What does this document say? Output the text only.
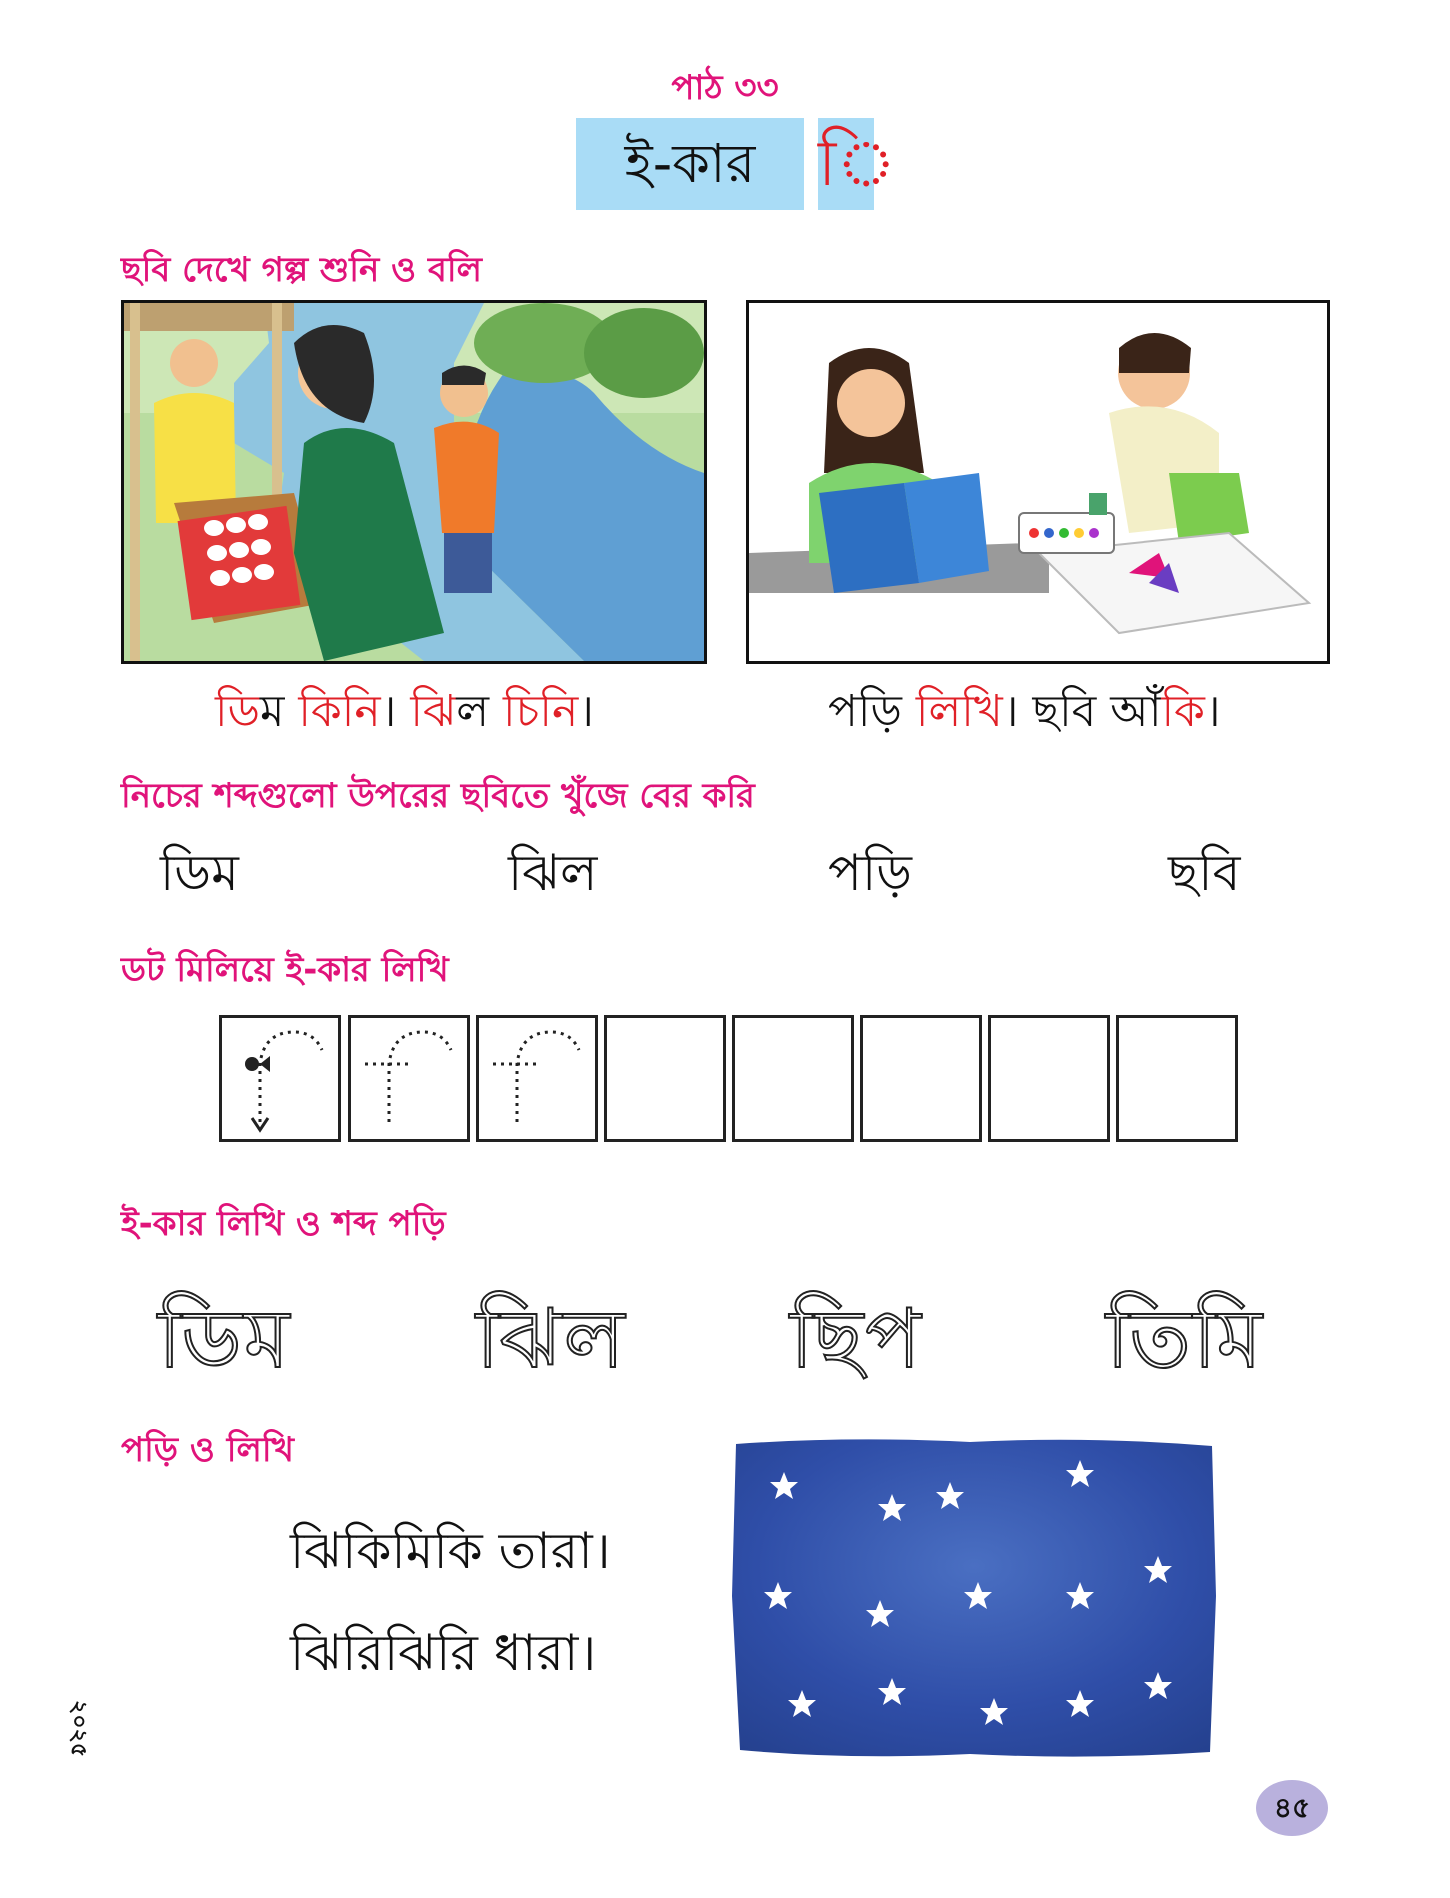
পাঠ ৩৩
ই-কার ি
ছবি দেখে গল্প শুনি ও বলি
ডিম কিনি। ঝিল চিনি।	পড়ি লিখি। ছবি আঁকি।
নিচের শব্দগুলো উপরের ছবিতে খুঁজে বের করি
ডিম	ঝিল	পড়ি	ছবি
ডট মিলিয়ে ই-কার লিখি
ই-কার লিখি ও শব্দ পড়ি
ডিম ঝিল ছিপ তিমি
পড়ি ও লিখি
ঝিকিমিকি তারা।
ঝিরিঝিরি ধারা।
২০২৫
৪৫
